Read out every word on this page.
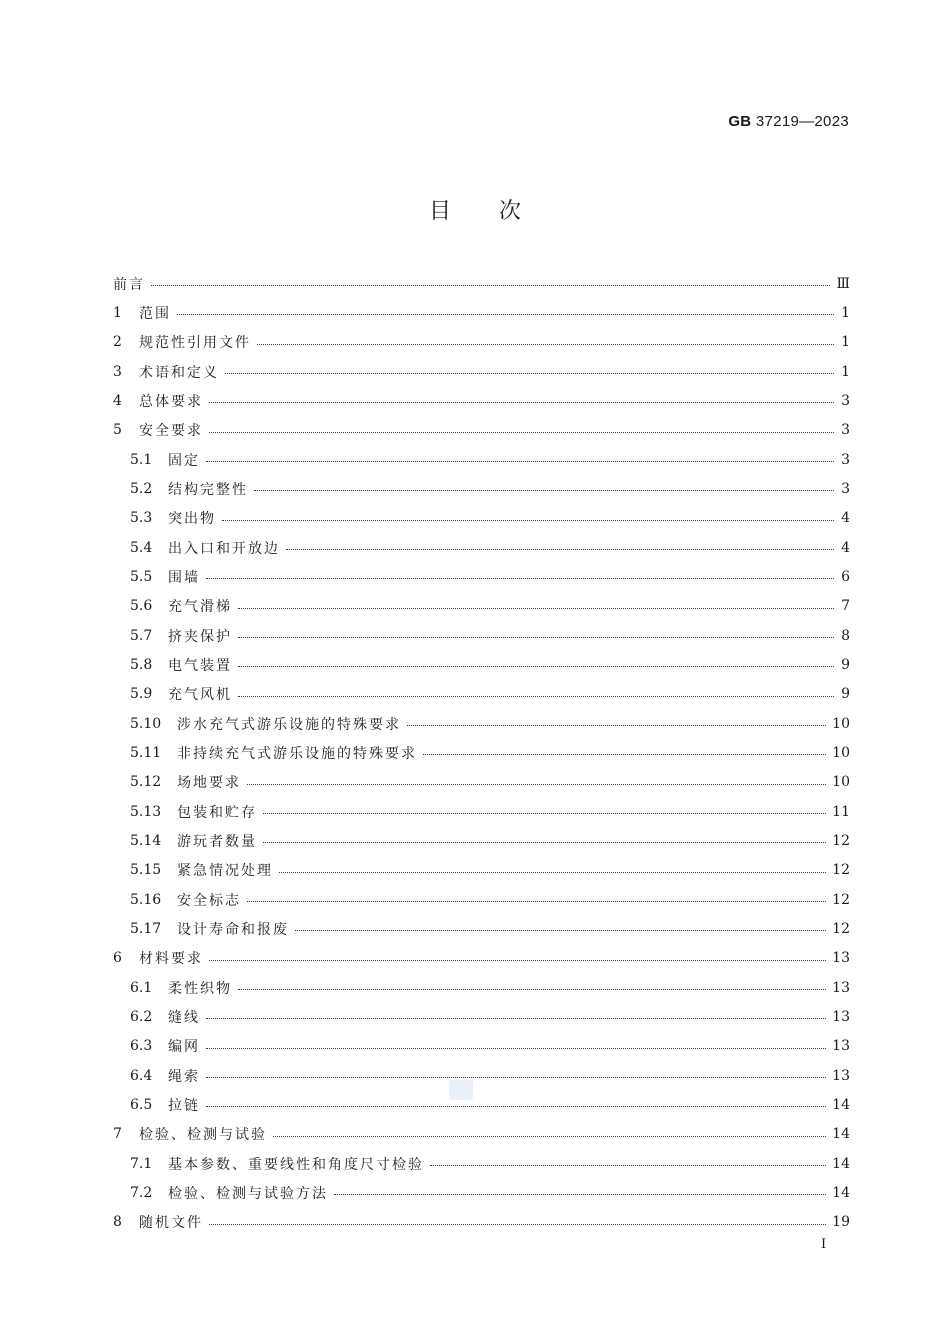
GB 37219—2023
目次
前言	Ⅲ
1	范围	1
2	规范性引用文件	1
3	术语和定义	1
4	总体要求	3
5	安全要求	3
5.1	固定	3
5.2	结构完整性	3
5.3	突出物	4
5.4	出入口和开放边	4
5.5	围墙	6
5.6	充气滑梯	7
5.7	挤夹保护	8
5.8	电气装置	9
5.9	充气风机	9
5.10	涉水充气式游乐设施的特殊要求	10
5.11	非持续充气式游乐设施的特殊要求	10
5.12	场地要求	10
5.13	包装和贮存	11
5.14	游玩者数量	12
5.15	紧急情况处理	12
5.16	安全标志	12
5.17	设计寿命和报废	12
6	材料要求	13
6.1	柔性织物	13
6.2	缝线	13
6.3	编网	13
6.4	绳索	13
6.5	拉链	14
7	检验、检测与试验	14
7.1	基本参数、重要线性和角度尺寸检验	14
7.2	检验、检测与试验方法	14
8	随机文件	19
I
